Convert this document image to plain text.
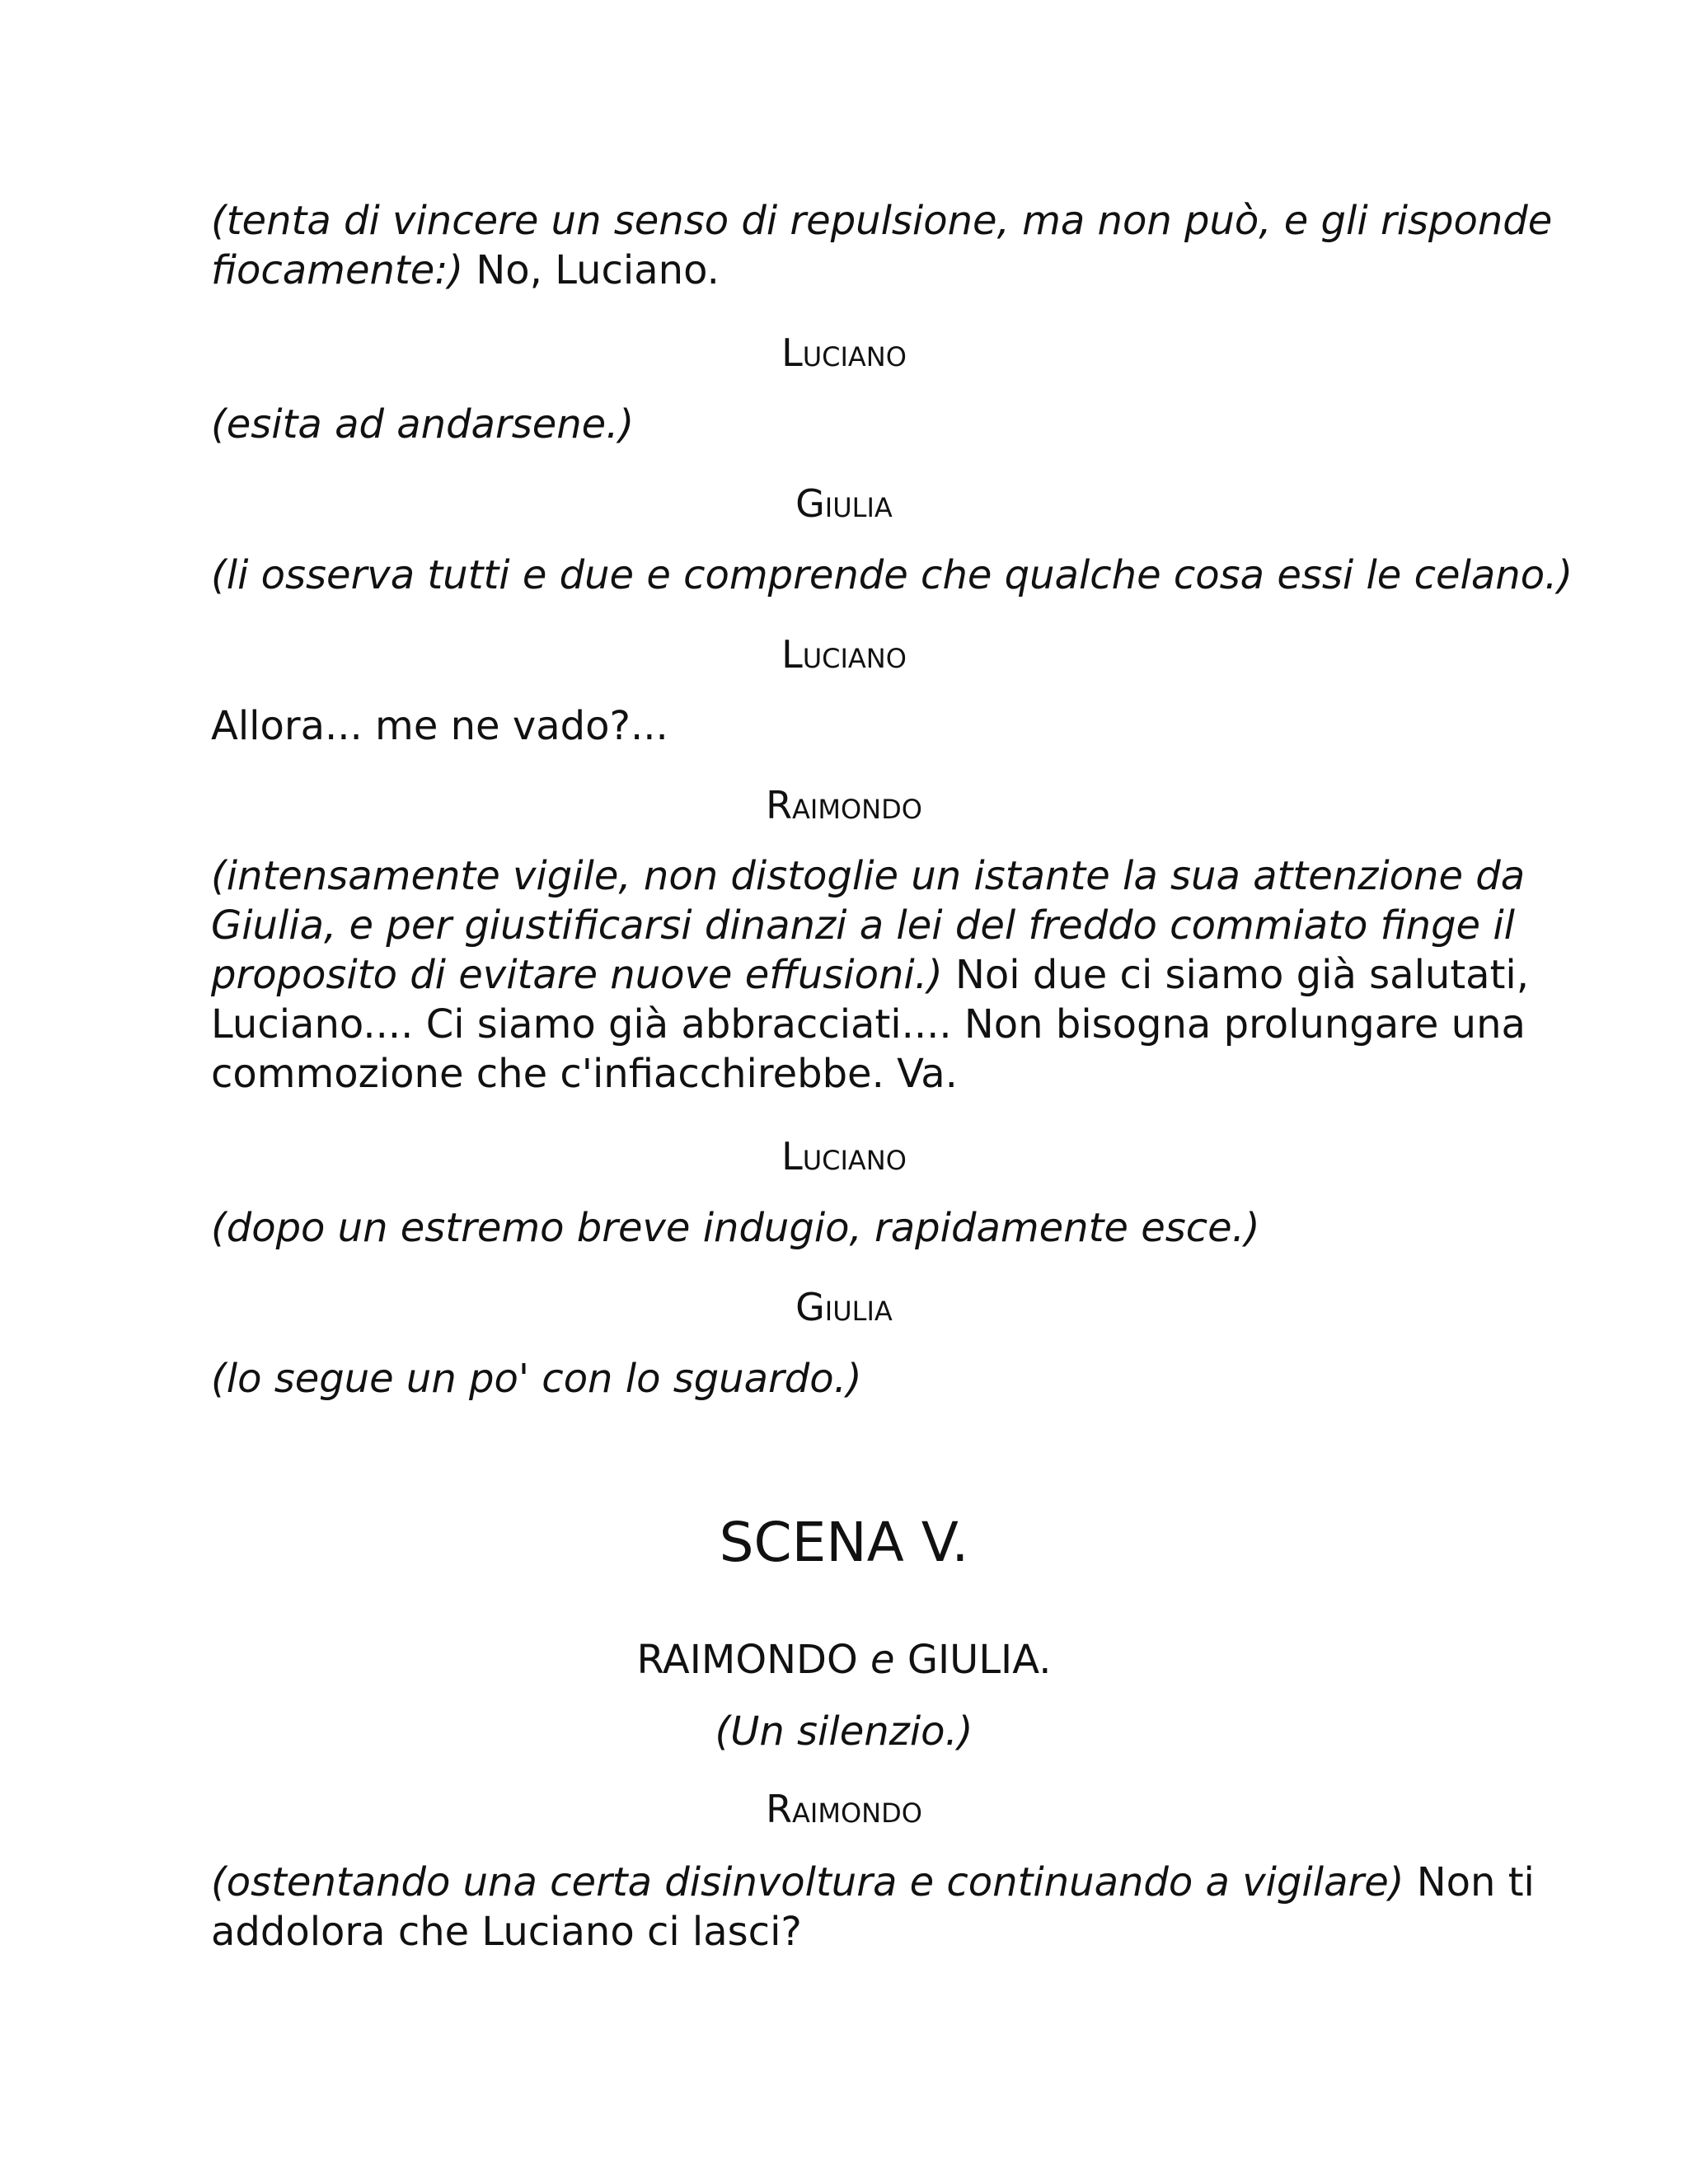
(tenta di vincere un senso di repulsione, ma non può, e gli risponde

fiocamente:) No, Luciano.

Luciano

(esita ad andarsene.)

Giulia

(li osserva tutti e due e comprende che qualche cosa essi le celano.)

Luciano

Allora... me ne vado?...

Raimondo

(intensamente vigile, non distoglie un istante la sua attenzione da

Giulia, e per giustificarsi dinanzi a lei del freddo commiato finge il

proposito di evitare nuove effusioni.) Noi due ci siamo già salutati,

Luciano.... Ci siamo già abbracciati.... Non bisogna prolungare una

commozione che c'infiacchirebbe. Va.

Luciano

(dopo un estremo breve indugio, rapidamente esce.)

Giulia

(lo segue un po' con lo sguardo.)

SCENA V.

RAIMONDO e GIULIA.

(Un silenzio.)

Raimondo

(ostentando una certa disinvoltura e continuando a vigilare) Non ti

addolora che Luciano ci lasci?
